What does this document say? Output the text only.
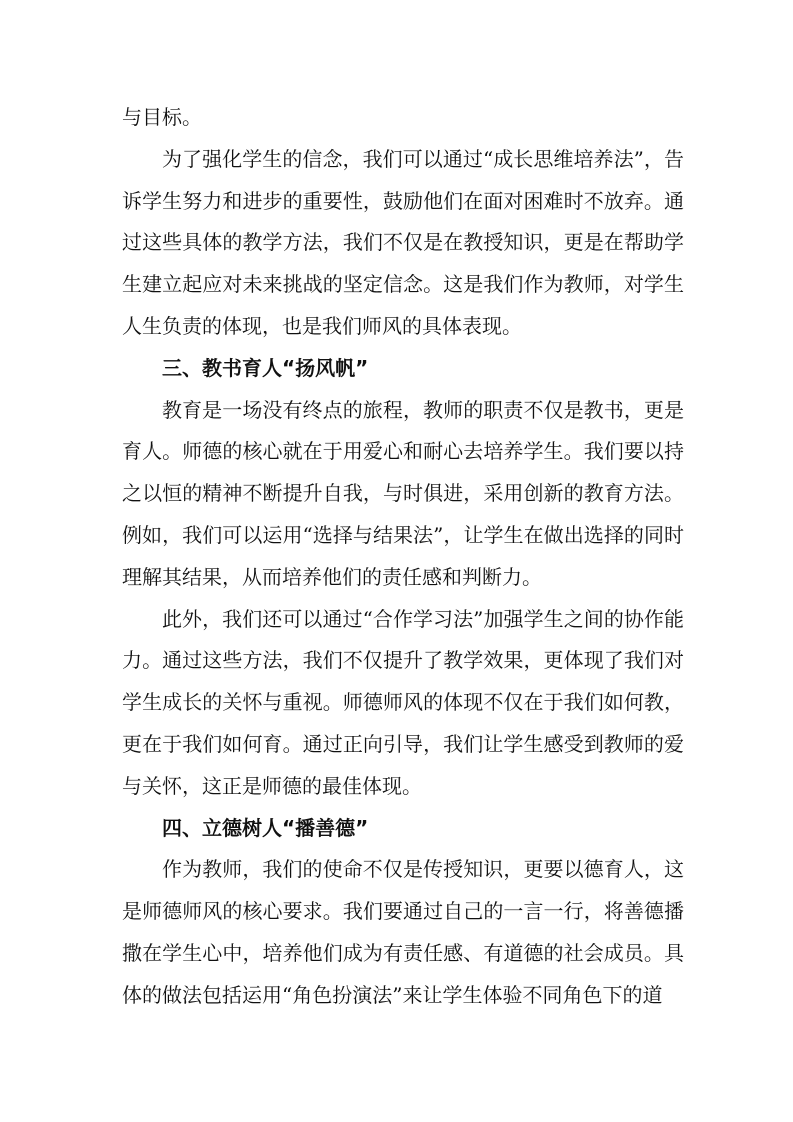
与目标。

为了强化学生的信念，我们可以通过“成长思维培养法”，告诉学生努力和进步的重要性，鼓励他们在面对困难时不放弃。通过这些具体的教学方法，我们不仅是在教授知识，更是在帮助学生建立起应对未来挑战的坚定信念。这是我们作为教师，对学生人生负责的体现，也是我们师风的具体表现。

三、教书育人“扬风帆”

教育是一场没有终点的旅程，教师的职责不仅是教书，更是育人。师德的核心就在于用爱心和耐心去培养学生。我们要以持之以恒的精神不断提升自我，与时俱进，采用创新的教育方法。例如，我们可以运用“选择与结果法”，让学生在做出选择的同时理解其结果，从而培养他们的责任感和判断力。

此外，我们还可以通过“合作学习法”加强学生之间的协作能力。通过这些方法，我们不仅提升了教学效果，更体现了我们对学生成长的关怀与重视。师德师风的体现不仅在于我们如何教，更在于我们如何育。通过正向引导，我们让学生感受到教师的爱与关怀，这正是师德的最佳体现。

四、立德树人“播善德”

作为教师，我们的使命不仅是传授知识，更要以德育人，这是师德师风的核心要求。我们要通过自己的一言一行，将善德播撒在学生心中，培养他们成为有责任感、有道德的社会成员。具体的做法包括运用“角色扮演法”来让学生体验不同角色下的道
